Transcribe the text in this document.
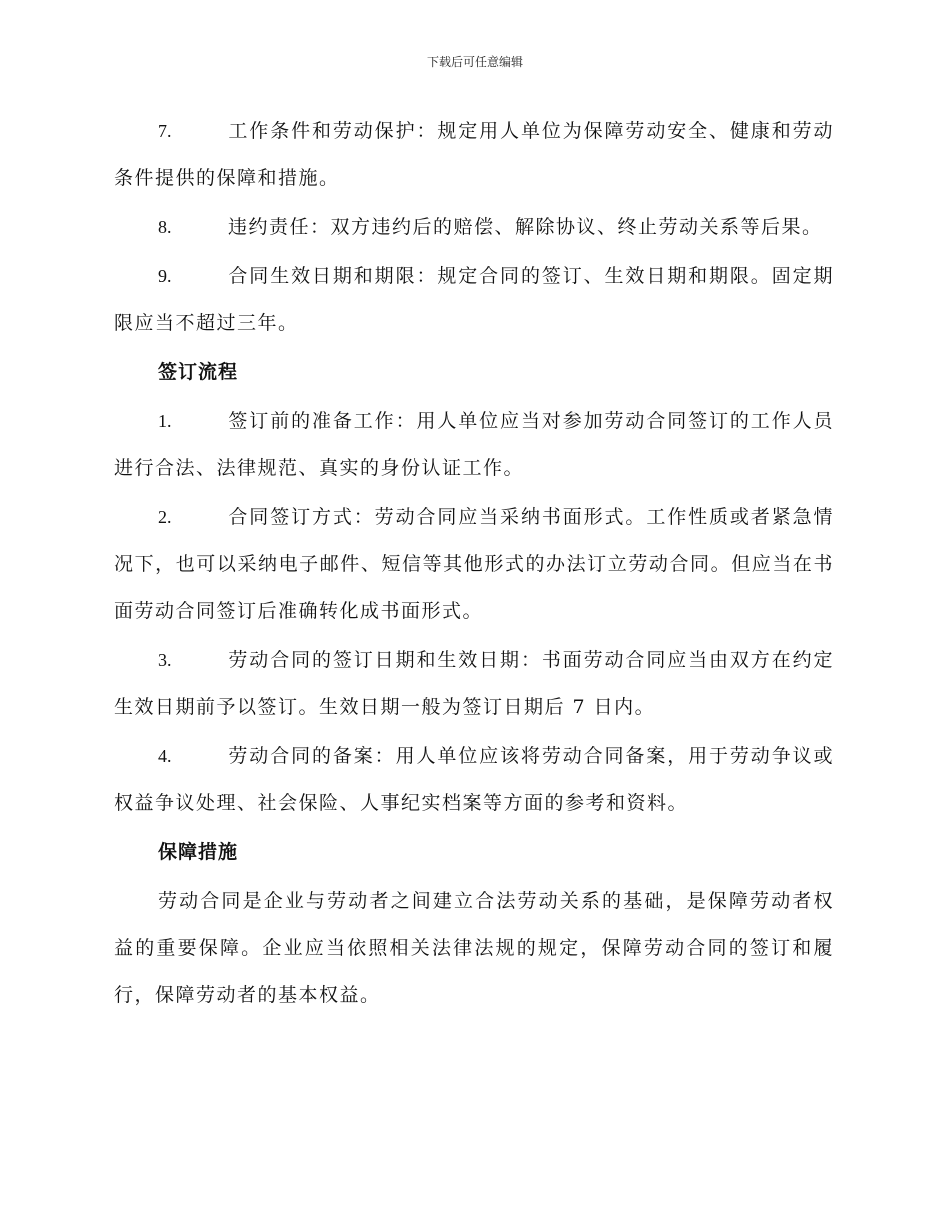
下载后可任意编辑

7.	工作条件和劳动保护：规定用人单位为保障劳动安全、健康和劳动条件提供的保障和措施。

8.	违约责任：双方违约后的赔偿、解除协议、终止劳动关系等后果。

9.	合同生效日期和期限：规定合同的签订、生效日期和期限。固定期限应当不超过三年。

签订流程

1.	签订前的准备工作：用人单位应当对参加劳动合同签订的工作人员进行合法、法律规范、真实的身份认证工作。

2.	合同签订方式：劳动合同应当采纳书面形式。工作性质或者紧急情况下，也可以采纳电子邮件、短信等其他形式的办法订立劳动合同。但应当在书面劳动合同签订后准确转化成书面形式。

3.	劳动合同的签订日期和生效日期：书面劳动合同应当由双方在约定生效日期前予以签订。生效日期一般为签订日期后 7 日内。

4.	劳动合同的备案：用人单位应该将劳动合同备案，用于劳动争议或权益争议处理、社会保险、人事纪实档案等方面的参考和资料。

保障措施

劳动合同是企业与劳动者之间建立合法劳动关系的基础，是保障劳动者权益的重要保障。企业应当依照相关法律法规的规定，保障劳动合同的签订和履行，保障劳动者的基本权益。
